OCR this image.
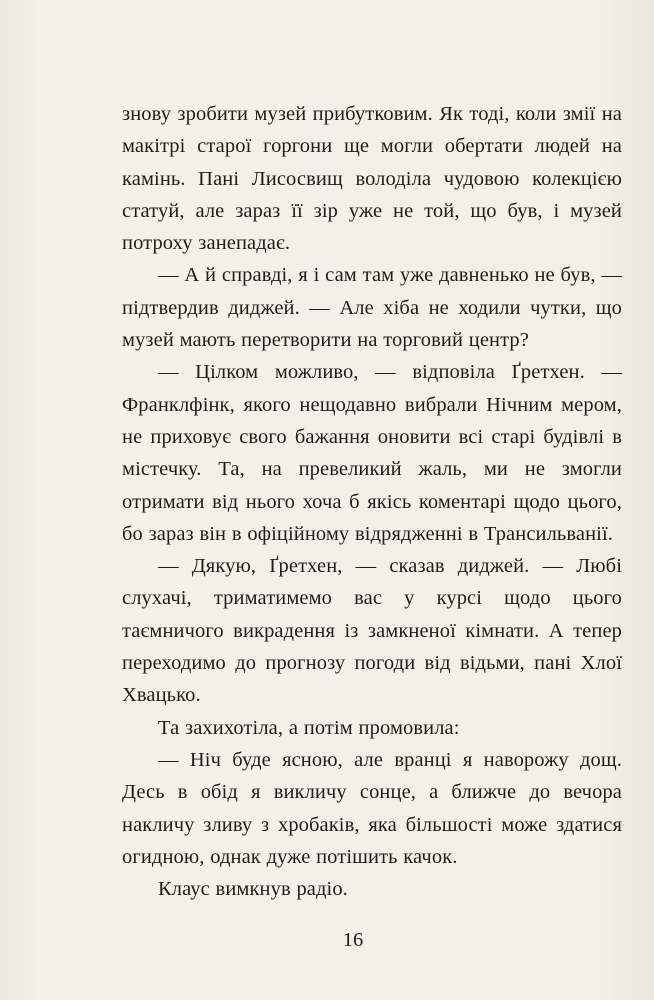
знову зробити музей прибутковим. Як тоді, коли змії на макітрі старої горгони ще могли обертати людей на камінь. Пані Лисосвищ володіла чудовою колекцією статуй, але зараз її зір уже не той, що був, і музей потроху занепадає.

— А й справді, я і сам там уже давненько не був, — підтвердив диджей. — Але хіба не ходили чутки, що музей мають перетворити на торговий центр?

— Цілком можливо, — відповіла Ґретхен. — Франклфінк, якого нещодавно вибрали Нічним мером, не приховує свого бажання оновити всі старі будівлі в містечку. Та, на превеликий жаль, ми не змогли отримати від нього хоча б якісь коментарі щодо цього, бо зараз він в офіційному відрядженні в Трансильванії.

— Дякую, Ґретхен, — сказав диджей. — Любі слухачі, триматимемо вас у курсі щодо цього таємничого викрадення із замкненої кімнати. А тепер переходимо до прогнозу погоди від відьми, пані Хлої Хвацько.

Та захихотіла, а потім промовила:

— Ніч буде ясною, але вранці я наворожу дощ. Десь в обід я викличу сонце, а ближче до вечора накличу зливу з хробаків, яка більшості може здатися огидною, однак дуже потішить качок.

Клаус вимкнув радіо.

16
